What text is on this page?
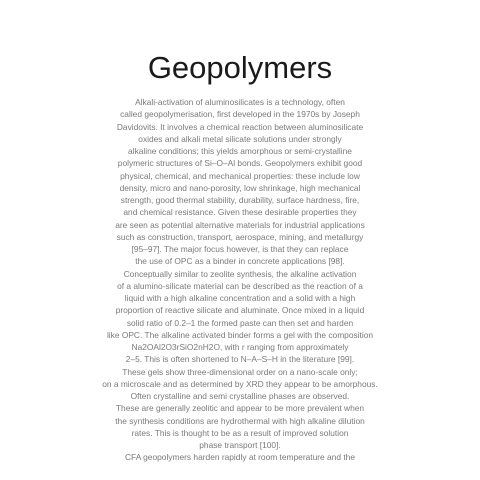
Geopolymers
Alkali-activation of aluminosilicates is a technology, often
called geopolymerisation, first developed in the 1970s by Joseph
Davidovits. It involves a chemical reaction between aluminosilicate
oxides and alkali metal silicate solutions under strongly
alkaline conditions; this yields amorphous or semi-crystalline
polymeric structures of Si–O–Al bonds. Geopolymers exhibit good
physical, chemical, and mechanical properties: these include low
density, micro and nano-porosity, low shrinkage, high mechanical
strength, good thermal stability, durability, surface hardness, fire,
and chemical resistance. Given these desirable properties they
are seen as potential alternative materials for industrial applications
such as construction, transport, aerospace, mining, and metallurgy
[95–97]. The major focus however, is that they can replace
the use of OPC as a binder in concrete applications [98].
Conceptually similar to zeolite synthesis, the alkaline activation
of a alumino-silicate material can be described as the reaction of a
liquid with a high alkaline concentration and a solid with a high
proportion of reactive silicate and aluminate. Once mixed in a liquid
solid ratio of 0.2–1 the formed paste can then set and harden
like OPC. The alkaline activated binder forms a gel with the composition
Na2OAl2O3rSiO2nH2O, with r ranging from approximately
2–5. This is often shortened to N–A–S–H in the literature [99].
These gels show three-dimensional order on a nano-scale only;
on a microscale and as determined by XRD they appear to be amorphous.
Often crystalline and semi crystalline phases are observed.
These are generally zeolitic and appear to be more prevalent when
the synthesis conditions are hydrothermal with high alkaline dilution
rates. This is thought to be as a result of improved solution
phase transport [100].
CFA geopolymers harden rapidly at room temperature and the
